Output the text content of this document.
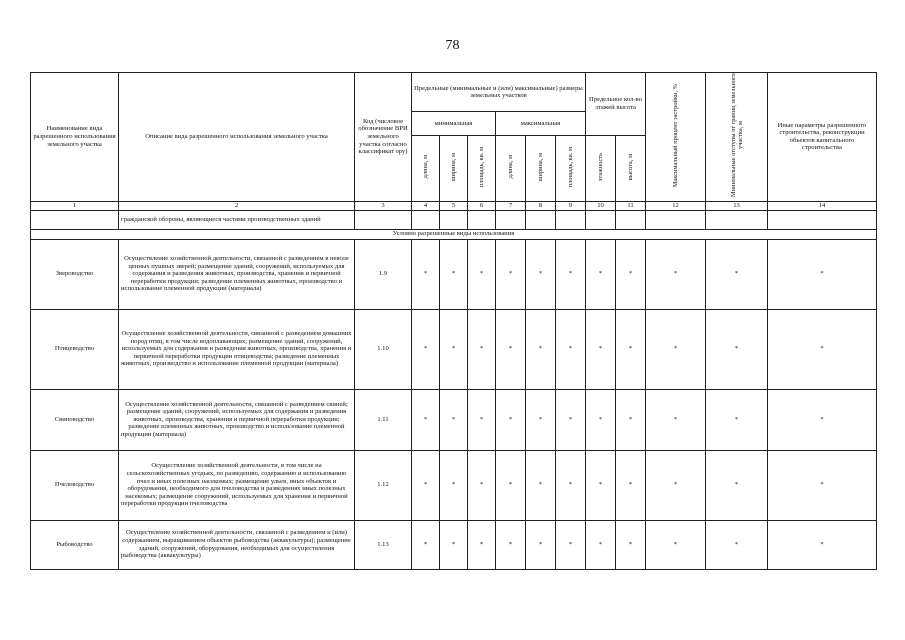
78
Наименование вида разрешенного использования земельного участка	Описание вида разрешенного использования земельного участка	Код (числовое обозначение ВРИ земельного участка согласно классификат ору)	Предельные (минимальные и (или) максимальные) размеры земельных участков						Предельное кол-во этажей высота		Максимальный процент застройки, %	Минимальные отступы от границ земельного участка, м	Иные параметры разрешенного строительства, реконструкции объектов капитального строительства
			минимальная			максимальная							
			длина, м	ширина, м	площадь, кв. м	длина, м	ширина, м	площадь, кв. м	этажность	высота, м			
1	2	3	4	5	6	7	8	9	10	11	12	13	14
	гражданской обороны, являющиеся частями производственных зданий												
Условно разрешенные виды использования													
Звероводство	Осуществление хозяйственной деятельности, связанной с разведением в неволе ценных пушных зверей; размещение зданий, сооружений, используемых для содержания и разведения животных, производства, хранения и первичной переработки продукции; разведение племенных животных, производство и использование племенной продукции (материала)	1.9	*	*	*	*	*	*	*	*	*	*	*
Птицеводство	Осуществление хозяйственной деятельности, связанной с разведением домашних пород птиц, в том числе водоплавающих; размещение зданий, сооружений, используемых для содержания и разведения животных, производства, хранения и первичной переработки продукции птицеводства; разведение племенных животных, производство и использование племенной продукции (материала)	1.10	*	*	*	*	*	*	*	*	*	*	*
Свиноводство	Осуществление хозяйственной деятельности, связанной с разведением свиней; размещение зданий, сооружений, используемых для содержания и разведения животных, производства, хранения и первичной переработки продукции; разведение племенных животных, производство и использование племенной продукции (материала)	1.11	*	*	*	*	*	*	*	*	*	*	*
Пчеловодство	Осуществление хозяйственной деятельности, в том числе на сельскохозяйственных угодьях, по разведению, содержанию и использованию пчел и иных полезных насекомых; размещение ульев, иных объектов и оборудования, необходимого для пчеловодства и разведениях иных полезных насекомых; размещение сооружений, используемых для хранения и первичной переработки продукции пчеловодства	1.12	*	*	*	*	*	*	*	*	*	*	*
Рыбоводство	Осуществление хозяйственной деятельности, связанной с разведением и (или) содержанием, выращиванием объектов рыбоводства (аквакультуры); размещение зданий, сооружений, оборудования, необходимых для осуществления рыбоводства (аквакультуры)	1.13	*	*	*	*	*	*	*	*	*	*	*
